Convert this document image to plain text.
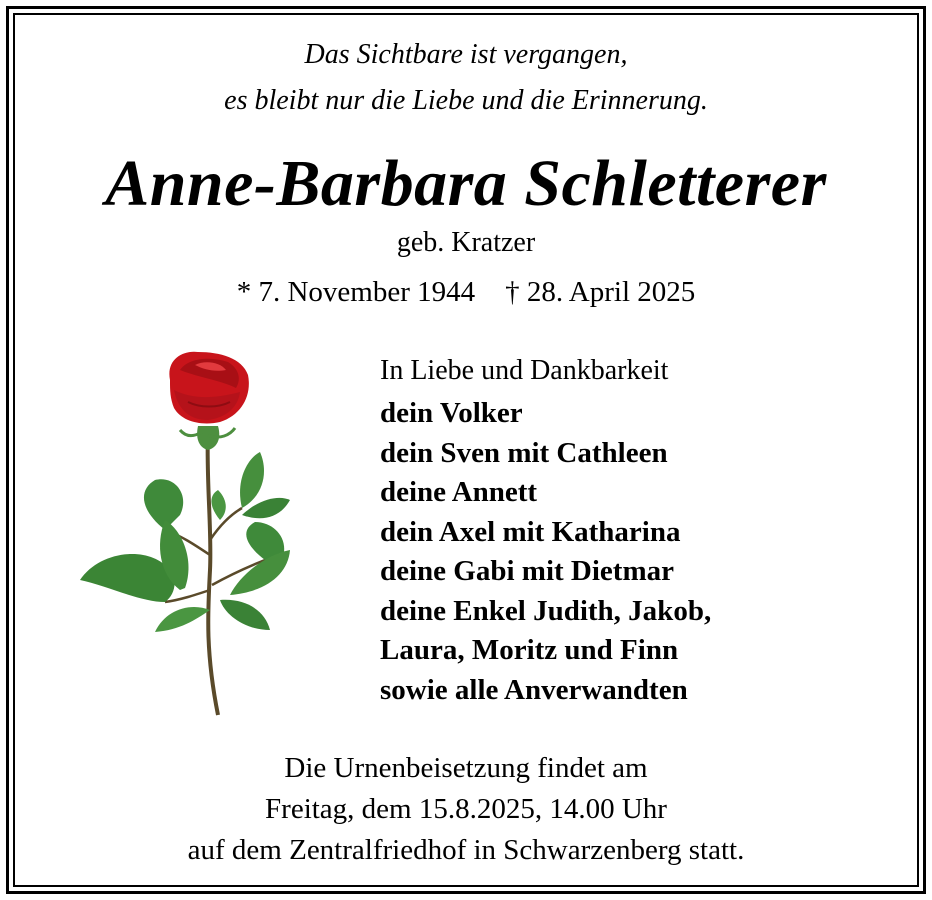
Das Sichtbare ist vergangen,
es bleibt nur die Liebe und die Erinnerung.
Anne-Barbara Schletterer
geb. Kratzer
* 7. November 1944 † 28. April 2025
In Liebe und Dankbarkeit
dein Volker
dein Sven mit Cathleen
deine Annett
dein Axel mit Katharina
deine Gabi mit Dietmar
deine Enkel Judith, Jakob,
Laura, Moritz und Finn
sowie alle Anverwandten
Die Urnenbeisetzung findet am
Freitag, dem 15.8.2025, 14.00 Uhr
auf dem Zentralfriedhof in Schwarzenberg statt.
